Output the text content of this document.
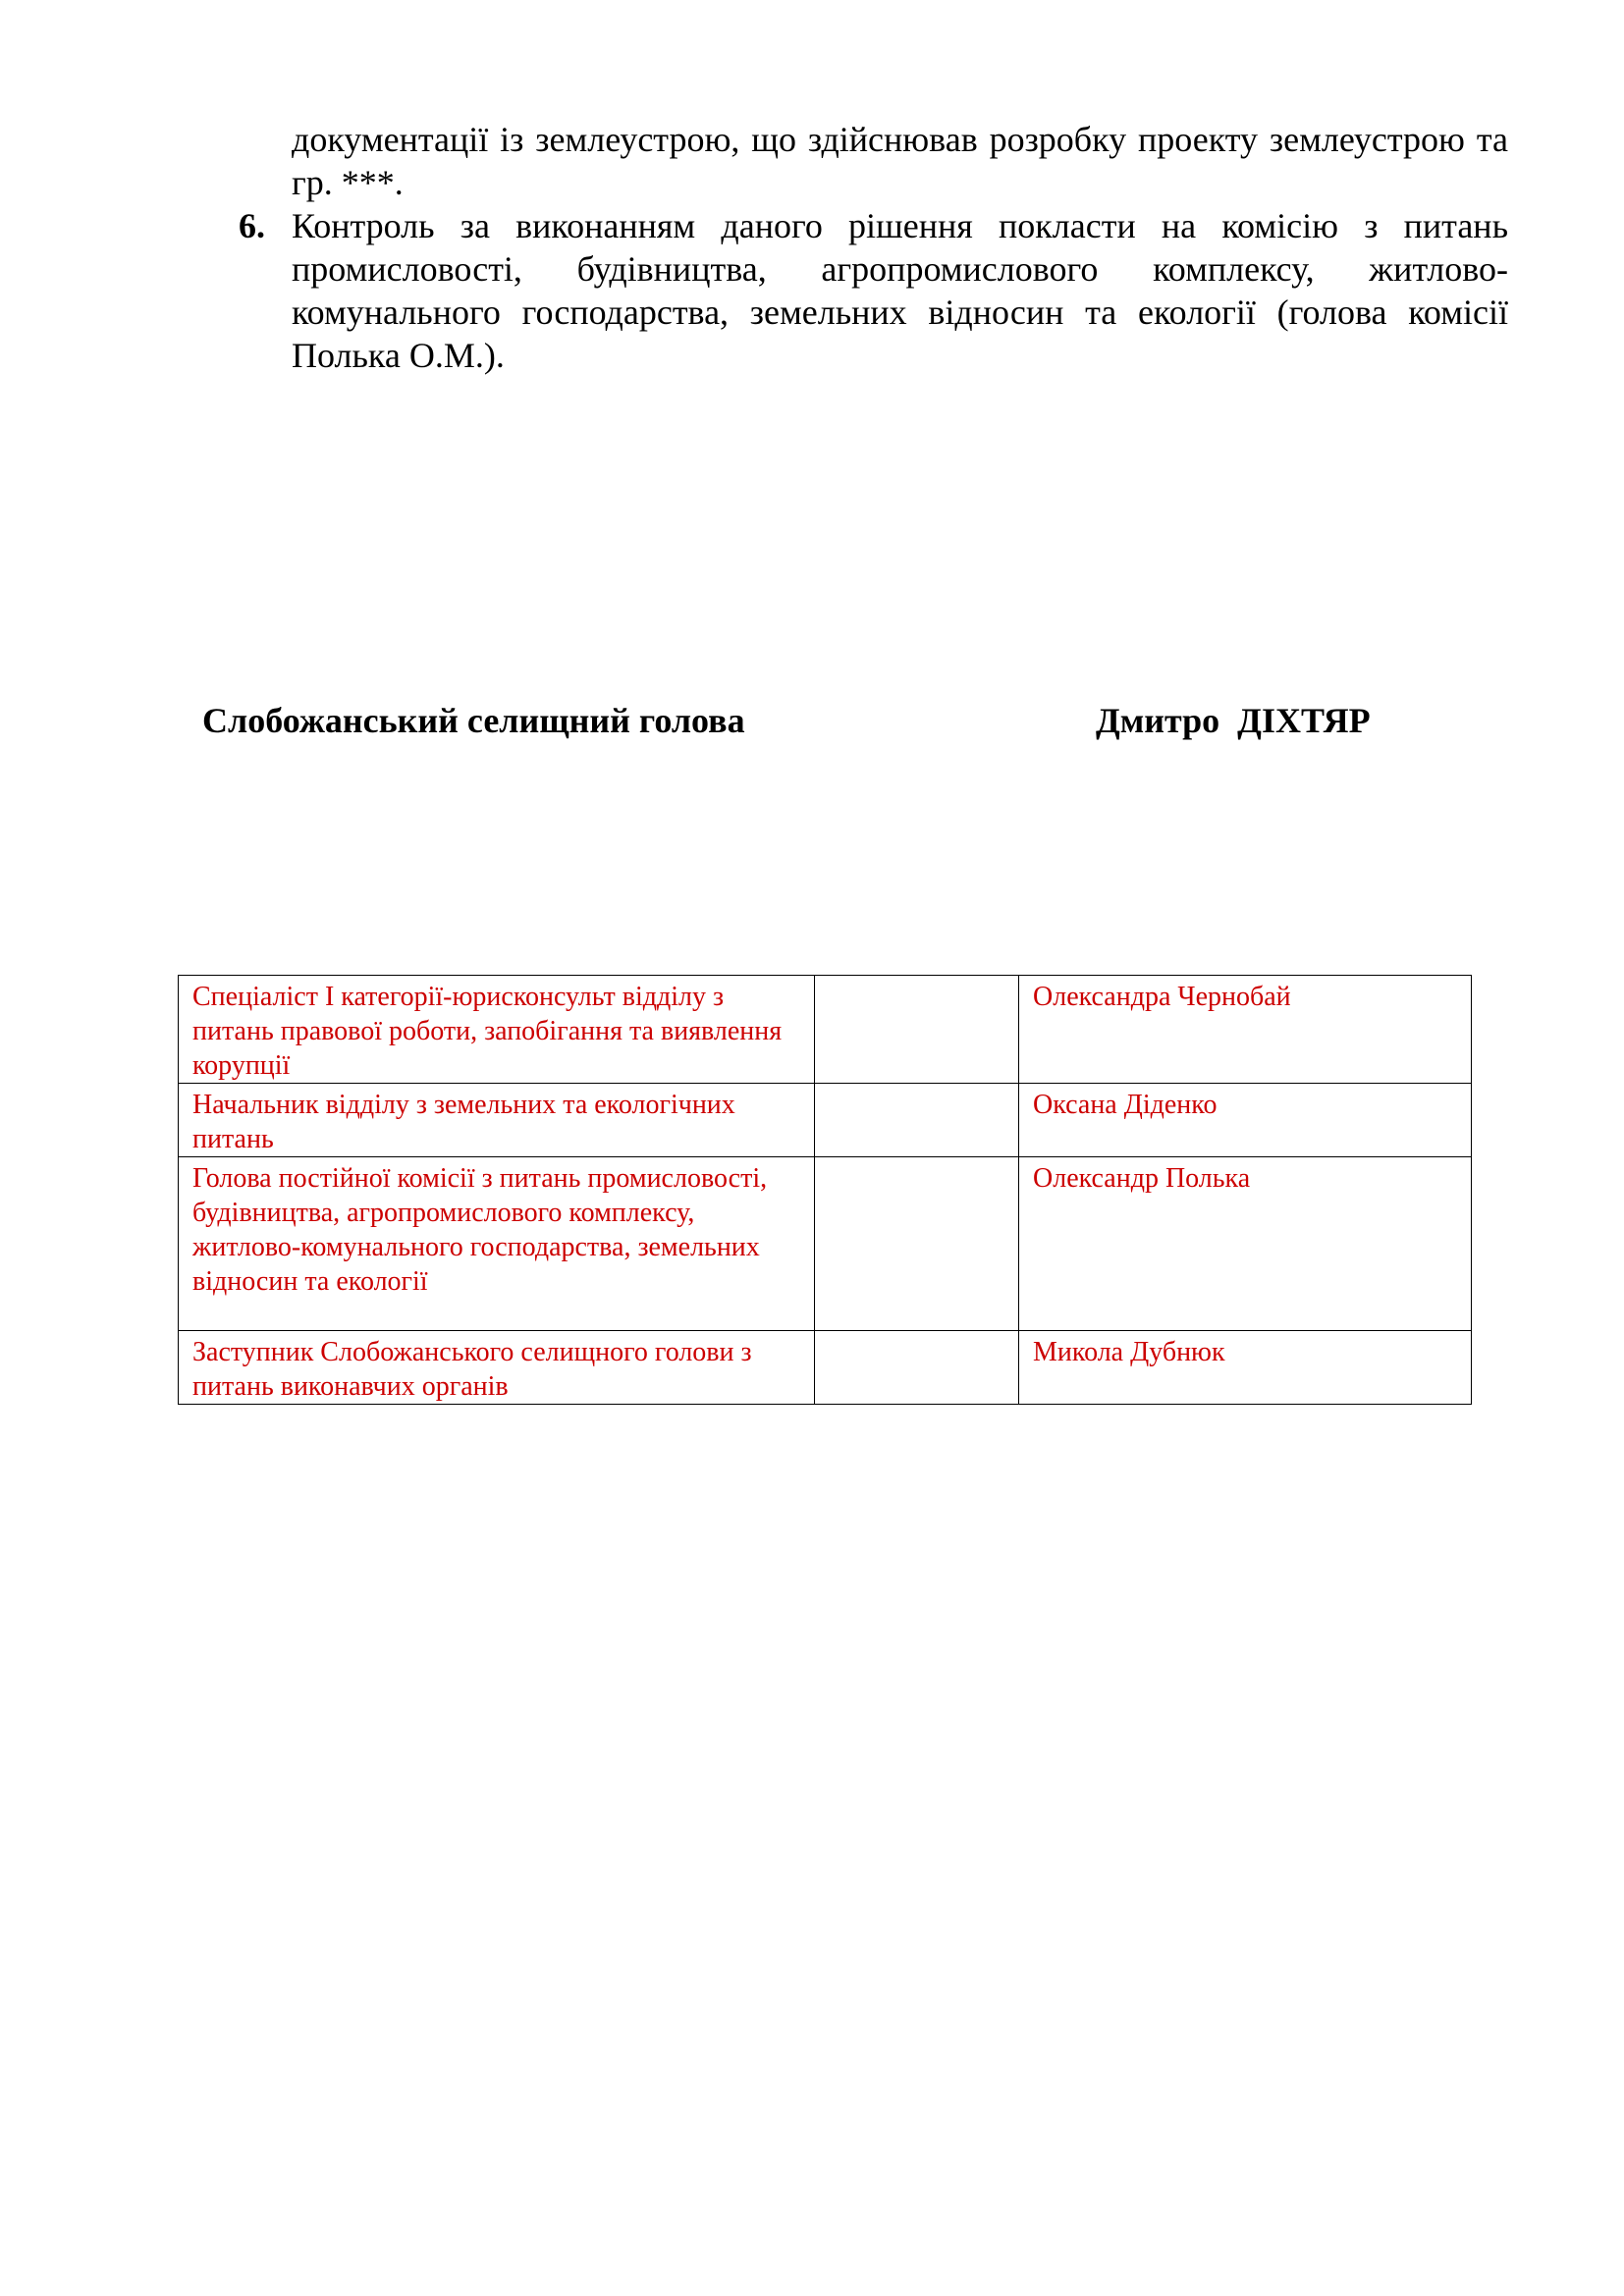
документації із землеустрою, що здійснював розробку проекту землеустрою та гр. ***.
6. Контроль за виконанням даного рішення покласти на комісію з питань промисловості, будівництва, агропромислового комплексу, житлово-комунального господарства, земельних відносин та екології (голова комісії Полька О.М.).
Слобожанський селищний голова	Дмитро  ДІХТЯР
Спеціаліст І категорії-юрисконсульт відділу з питань правової роботи, запобігання та виявлення корупції		Олександра Чернобай
Начальник відділу з земельних та екологічних питань		Оксана Діденко
Голова постійної комісії з питань промисловості, будівництва, агропромислового комплексу, житлово-комунального господарства, земельних відносин та екології		Олександр Полька
Заступник Слобожанського селищного голови з питань виконавчих органів		Микола Дубнюк
